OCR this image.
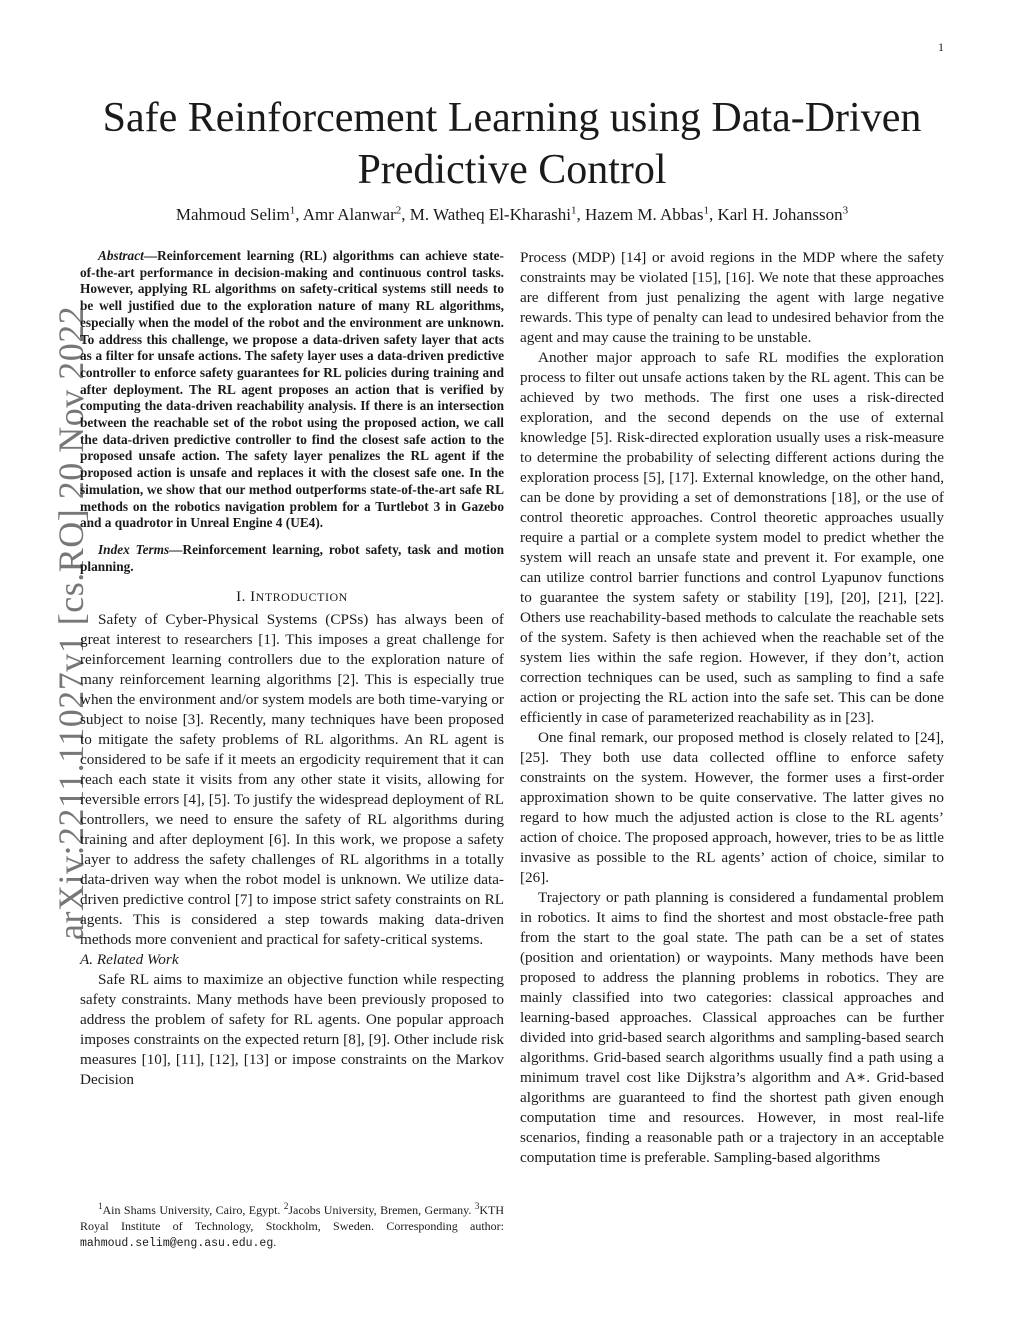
1
arXiv:2211.11027v1 [cs.RO] 20 Nov 2022
Safe Reinforcement Learning using Data-Driven
Predictive Control
Mahmoud Selim$^1$, Amr Alanwar$^2$, M. Watheq El-Kharashi$^1$, Hazem M. Abbas$^1$, Karl H. Johansson$^3$

Abstract—Reinforcement learning (RL) algorithms can achieve state-of-the-art performance in decision-making and continuous control tasks. However, applying RL algorithms on safety-critical systems still needs to be well justified due to the exploration nature of many RL algorithms, especially when the model of the robot and the environment are unknown. To address this challenge, we propose a data-driven safety layer that acts as a filter for unsafe actions. The safety layer uses a data-driven predictive controller to enforce safety guarantees for RL policies during training and after deployment. The RL agent proposes an action that is verified by computing the data-driven reachability analysis. If there is an intersection between the reachable set of the robot using the proposed action, we call the data-driven predictive controller to find the closest safe action to the proposed unsafe action. The safety layer penalizes the RL agent if the proposed action is unsafe and replaces it with the closest safe one. In the simulation, we show that our method outperforms state-of-the-art safe RL methods on the robotics navigation problem for a Turtlebot 3 in Gazebo and a quadrotor in Unreal Engine 4 (UE4).

Index Terms—Reinforcement learning, robot safety, task and motion planning.

I. INTRODUCTION

Safety of Cyber-Physical Systems (CPSs) has always been of great interest to researchers [1]. This imposes a great challenge for reinforcement learning controllers due to the exploration nature of many reinforcement learning algorithms [2]. This is especially true when the environment and/or system models are both time-varying or subject to noise [3]. Recently, many techniques have been proposed to mitigate the safety problems of RL algorithms. An RL agent is considered to be safe if it meets an ergodicity requirement that it can reach each state it visits from any other state it visits, allowing for reversible errors [4], [5]. To justify the widespread deployment of RL controllers, we need to ensure the safety of RL algorithms during training and after deployment [6]. In this work, we propose a safety layer to address the safety challenges of RL algorithms in a totally data-driven way when the robot model is unknown. We utilize data-driven predictive control [7] to impose strict safety constraints on RL agents. This is considered a step towards making data-driven methods more convenient and practical for safety-critical systems.

A. Related Work

Safe RL aims to maximize an objective function while respecting safety constraints. Many methods have been previously proposed to address the problem of safety for RL agents. One popular approach imposes constraints on the expected return [8], [9]. Other include risk measures [10], [11], [12], [13] or impose constraints on the Markov Decision

$^1$Ain Shams University, Cairo, Egypt. $^2$Jacobs University, Bremen, Germany. $^3$KTH Royal Institute of Technology, Stockholm, Sweden. Corresponding author: mahmoud.selim@eng.asu.edu.eg.

Process (MDP) [14] or avoid regions in the MDP where the safety constraints may be violated [15], [16]. We note that these approaches are different from just penalizing the agent with large negative rewards. This type of penalty can lead to undesired behavior from the agent and may cause the training to be unstable.

Another major approach to safe RL modifies the exploration process to filter out unsafe actions taken by the RL agent. This can be achieved by two methods. The first one uses a risk-directed exploration, and the second depends on the use of external knowledge [5]. Risk-directed exploration usually uses a risk-measure to determine the probability of selecting different actions during the exploration process [5], [17]. External knowledge, on the other hand, can be done by providing a set of demonstrations [18], or the use of control theoretic approaches. Control theoretic approaches usually require a partial or a complete system model to predict whether the system will reach an unsafe state and prevent it. For example, one can utilize control barrier functions and control Lyapunov functions to guarantee the system safety or stability [19], [20], [21], [22]. Others use reachability-based methods to calculate the reachable sets of the system. Safety is then achieved when the reachable set of the system lies within the safe region. However, if they don’t, action correction techniques can be used, such as sampling to find a safe action or projecting the RL action into the safe set. This can be done efficiently in case of parameterized reachability as in [23].

One final remark, our proposed method is closely related to [24], [25]. They both use data collected offline to enforce safety constraints on the system. However, the former uses a first-order approximation shown to be quite conservative. The latter gives no regard to how much the adjusted action is close to the RL agents’ action of choice. The proposed approach, however, tries to be as little invasive as possible to the RL agents’ action of choice, similar to [26].

Trajectory or path planning is considered a fundamental problem in robotics. It aims to find the shortest and most obstacle-free path from the start to the goal state. The path can be a set of states (position and orientation) or waypoints. Many methods have been proposed to address the planning problems in robotics. They are mainly classified into two categories: classical approaches and learning-based approaches. Classical approaches can be further divided into grid-based search algorithms and sampling-based search algorithms. Grid-based search algorithms usually find a path using a minimum travel cost like Dijkstra’s algorithm and A∗. Grid-based algorithms are guaranteed to find the shortest path given enough computation time and resources. However, in most real-life scenarios, finding a reasonable path or a trajectory in an acceptable computation time is preferable. Sampling-based algorithms
